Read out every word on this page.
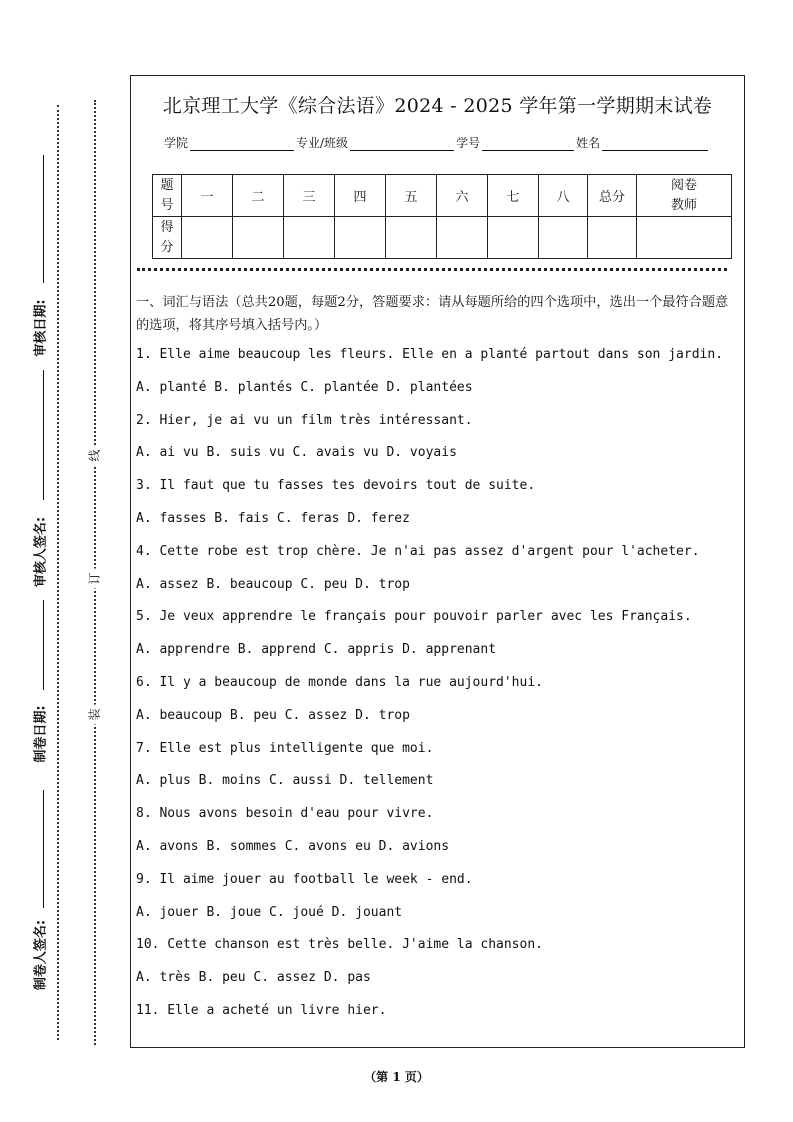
审核日期:
审核人签名:
制卷日期:
制卷人签名:
线
订
装
北京理工大学《综合法语》2024 - 2025 学年第一学期期末试卷
学院	专业/班级	学号	姓名
题号	一	二	三	四	五	六	七	八	总分	阅卷教师

得分										

一、词汇与语法（总共20题，每题2分，答题要求：请从每题所给的四个选项中，选出一个最符合题意的选项，将其序号填入括号内。）
1. Elle aime beaucoup les fleurs. Elle en a planté partout dans son jardin.
A. planté B. plantés C. plantée D. plantées
2. Hier, je ai vu un film très intéressant.
A. ai vu B. suis vu C. avais vu D. voyais
3. Il faut que tu fasses tes devoirs tout de suite.
A. fasses B. fais C. feras D. ferez
4. Cette robe est trop chère. Je n'ai pas assez d'argent pour l'acheter.
A. assez B. beaucoup C. peu D. trop
5. Je veux apprendre le français pour pouvoir parler avec les Français.
A. apprendre B. apprend C. appris D. apprenant
6. Il y a beaucoup de monde dans la rue aujourd'hui.
A. beaucoup B. peu C. assez D. trop
7. Elle est plus intelligente que moi.
A. plus B. moins C. aussi D. tellement
8. Nous avons besoin d'eau pour vivre.
A. avons B. sommes C. avons eu D. avions
9. Il aime jouer au football le week - end.
A. jouer B. joue C. joué D. jouant
10. Cette chanson est très belle. J'aime la chanson.
A. très B. peu C. assez D. pas
11. Elle a acheté un livre hier.
（第 1 页）
